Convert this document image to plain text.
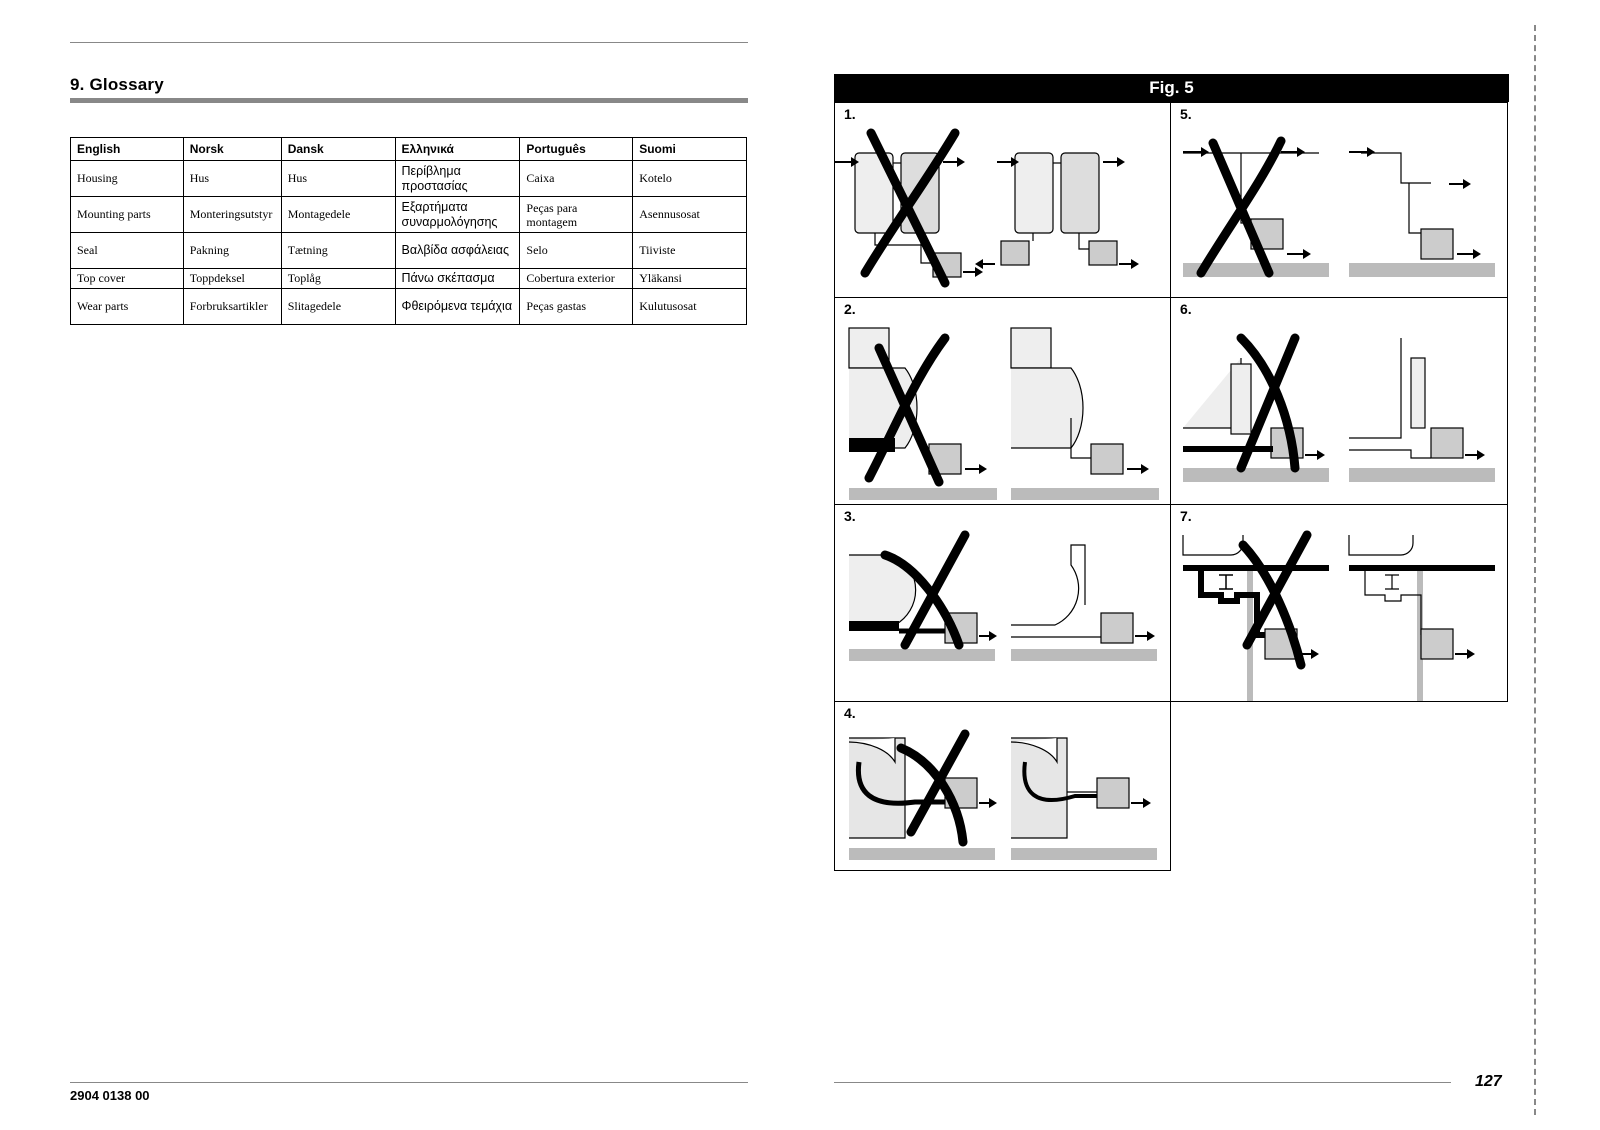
9. Glossary
English	Norsk	Dansk	Ελληνικά	Português	Suomi
Housing	Hus	Hus	Περίβλημα προστασίας	Caixa	Kotelo
Mounting parts	Monteringsutstyr	Montagedele	Εξαρτήματα συναρμολόγησης	Peças para montagem	Asennusosat
Seal	Pakning	Tætning	Βαλβίδα ασφάλειας	Selo	Tiiviste
Top cover	Toppdeksel	Toplåg	Πάνω σκέπασμα	Cobertura exterior	Yläkansi
Wear parts	Forbruksartikler	Slitagedele	Φθειρόμενα τεμάχια	Peças gastas	Kulutusosat
Fig. 5
1.	5.
2.	6.
3.	7.
4.
2904 0138 00
127
